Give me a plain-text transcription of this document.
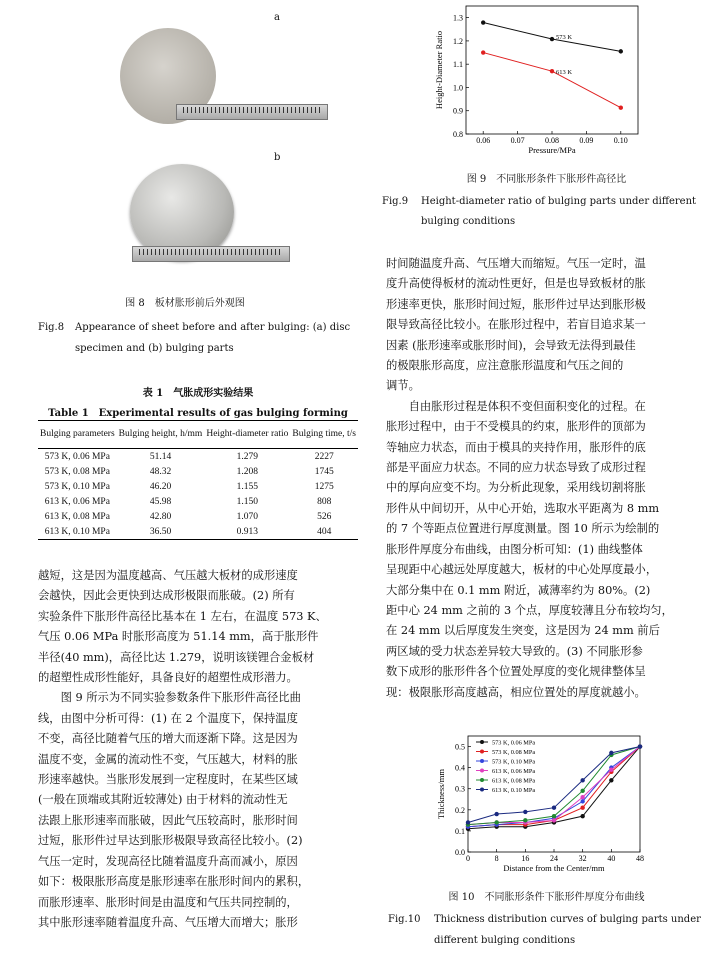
a
b
图 8　板材胀形前后外观图
Fig.8 Appearance of sheet before and after bulging: (a) disc
specimen and (b) bulging parts
表 1　气胀成形实验结果
Table 1　Experimental results of gas bulging forming
Bulging parameters	Bulging height, h/mm	Height-diameter ratio	Bulging time, t/s
573 K, 0.06 MPa	51.14	1.279	2227
573 K, 0.08 MPa	48.32	1.208	1745
573 K, 0.10 MPa	46.20	1.155	1275
613 K, 0.06 MPa	45.98	1.150	808
613 K, 0.08 MPa	42.80	1.070	526
613 K, 0.10 MPa	36.50	0.913	404
越短，这是因为温度越高、气压越大板材的成形速度
会越快，因此会更快到达成形极限而胀破。(2) 所有
实验条件下胀形件高径比基本在 1 左右，在温度 573 K、
气压 0.06 MPa 时胀形高度为 51.14 mm，高于胀形件
半径(40 mm)，高径比达 1.279，说明该镁锂合金板材
的超塑性成形性能好，具备良好的超塑性成形潜力。
　　图 9 所示为不同实验参数条件下胀形件高径比曲
线，由图中分析可得：(1) 在 2 个温度下，保持温度
不变，高径比随着气压的增大而逐渐下降。这是因为
温度不变，金属的流动性不变，气压越大，材料的胀
形速率越快。当胀形发展到一定程度时，在某些区域
(一般在顶端或其附近较薄处) 由于材料的流动性无
法跟上胀形速率而胀破，因此气压较高时，胀形时间
过短，胀形件过早达到胀形极限导致高径比较小。(2)
气压一定时，发现高径比随着温度升高而减小，原因
如下：极限胀形高度是胀形速率在胀形时间内的累积，
而胀形速率、胀形时间是由温度和气压共同控制的，
其中胀形速率随着温度升高、气压增大而增大；胀形
0.06	0.07	0.08	0.09	0.10
0.8
0.9
1.0
1.1
1.2
1.3
Pressure/MPa
Height-Diameter Ratio	573 K
613 K
图 9　不同胀形条件下胀形件高径比
Fig.9 Height-diameter ratio of bulging parts under different
bulging conditions
时间随温度升高、气压增大而缩短。气压一定时，温
度升高使得板材的流动性更好，但是也导致板材的胀
形速率更快，胀形时间过短，胀形件过早达到胀形极
限导致高径比较小。在胀形过程中，若盲目追求某一
因素 (胀形速率或胀形时间)，会导致无法得到最佳
的极限胀形高度，应注意胀形温度和气压之间的
调节。
　　自由胀形过程是体积不变但面积变化的过程。在
胀形过程中，由于不受模具的约束，胀形件的顶部为
等轴应力状态，而由于模具的夹持作用，胀形件的底
部是平面应力状态。不同的应力状态导致了成形过程
中的厚向应变不均。为分析此现象，采用线切割将胀
形件从中间切开，从中心开始，选取水平距离为 8 mm
的 7 个等距点位置进行厚度测量。图 10 所示为绘制的
胀形件厚度分布曲线，由图分析可知：(1) 曲线整体
呈现距中心越远处厚度越大，板材的中心处厚度最小，
大部分集中在 0.1 mm 附近，减薄率约为 80%。(2)
距中心 24 mm 之前的 3 个点，厚度较薄且分布较均匀，
在 24 mm 以后厚度发生突变，这是因为 24 mm 前后
两区域的受力状态差异较大导致的。(3) 不同胀形参
数下成形的胀形件各个位置处厚度的变化规律整体呈
现：极限胀形高度越高，相应位置处的厚度就越小。
0	8	16	24	32	40	48
0.0
0.1
0.2
0.3
0.4
0.5
Distance from the Center/mm
Thickness/mm
573 K, 0.06 MPa
573 K, 0.08 MPa
573 K, 0.10 MPa
613 K, 0.06 MPa
613 K, 0.08 MPa
613 K, 0.10 MPa
图 10　不同胀形条件下胀形件厚度分布曲线
Fig.10 Thickness distribution curves of bulging parts under
different bulging conditions
